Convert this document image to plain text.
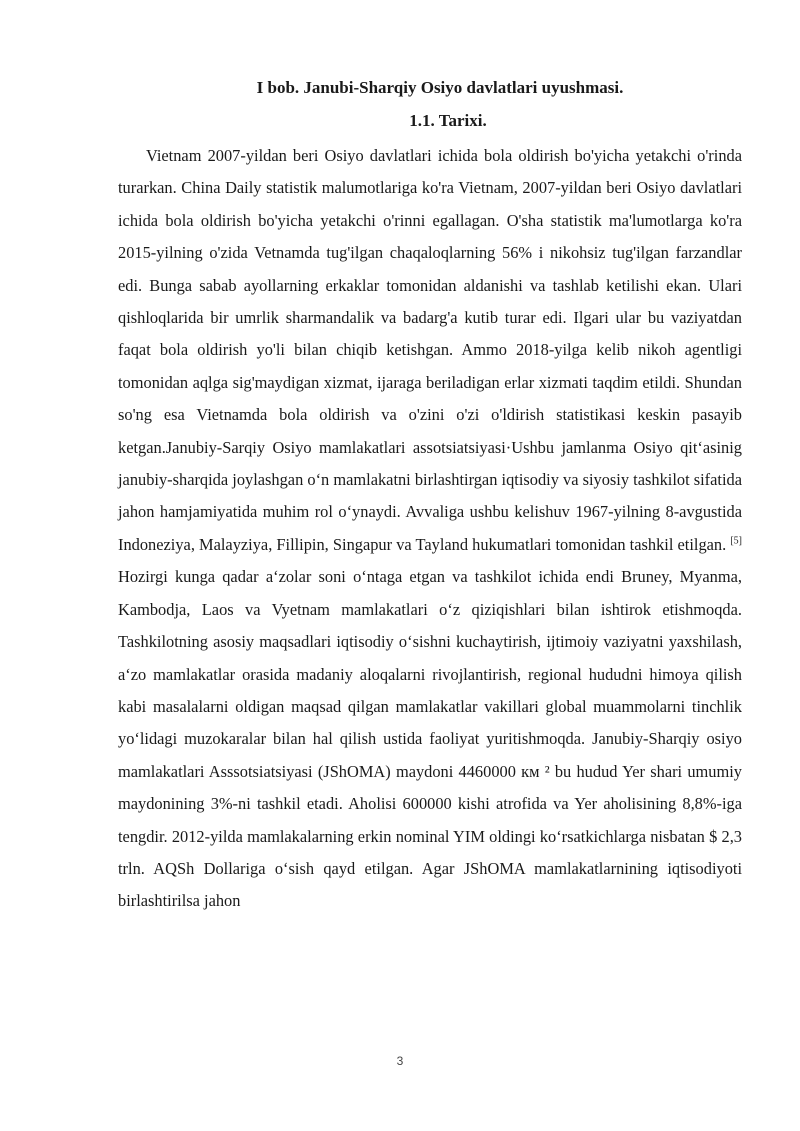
I bob. Janubi-Sharqiy Osiyo davlatlari uyushmasi.
1.1. Tarixi.

Vietnam 2007-yildan beri Osiyo davlatlari ichida bola oldirish bo'yicha yetakchi o'rinda turarkan. China Daily statistik malumotlariga ko'ra Vietnam, 2007-yildan beri Osiyo davlatlari ichida bola oldirish bo'yicha yetakchi o'rinni egallagan. O'sha statistik ma'lumotlarga ko'ra 2015-yilning o'zida Vetnamda tug'ilgan chaqaloqlarning 56% i nikohsiz tug'ilgan farzandlar edi. Bunga sabab ayollarning erkaklar tomonidan aldanishi va tashlab ketilishi ekan. Ulari qishloqlarida bir umrlik sharmandalik va badarg'a kutib turar edi. Ilgari ular bu vaziyatdan faqat bola oldirish yo'li bilan chiqib ketishgan. Ammo 2018-yilga kelib nikoh agentligi tomonidan aqlga sig'maydigan xizmat, ijaraga beriladigan erlar xizmati taqdim etildi. Shundan so'ng esa Vietnamda bola oldirish va o'zini o'zi o'ldirish statistikasi keskin pasayib ketgan.Janubiy-Sarqiy Osiyo mamlakatlari assotsiatsiyasi·Ushbu jamlanma Osiyo qit‘asinig janubiy-sharqida joylashgan o‘n mamlakatni birlashtirgan iqtisodiy va siyosiy tashkilot sifatida jahon hamjamiyatida muhim rol o‘ynaydi. Avvaliga ushbu kelishuv 1967-yilning 8-avgustida Indoneziya, Malayziya, Fillipin, Singapur va Tayland hukumatlari tomonidan tashkil etilgan. [5] Hozirgi kunga qadar a‘zolar soni o‘ntaga etgan va tashkilot ichida endi Bruney, Myanma, Kambodja, Laos va Vyetnam mamlakatlari o‘z qiziqishlari bilan ishtirok etishmoqda. Tashkilotning asosiy maqsadlari iqtisodiy o‘sishni kuchaytirish, ijtimoiy vaziyatni yaxshilash, a‘zo mamlakatlar orasida madaniy aloqalarni rivojlantirish, regional hududni himoya qilish kabi masalalarni oldigan maqsad qilgan mamlakatlar vakillari global muammolarni tinchlik yo‘lidagi muzokaralar bilan hal qilish ustida faoliyat yuritishmoqda. Janubiy-Sharqiy osiyo mamlakatlari Asssotsiatsiyasi (JShOMA) maydoni 4460000 км ² bu hudud Yer shari umumiy maydonining 3%-ni tashkil etadi. Aholisi 600000 kishi atrofida va Yer aholisining 8,8%-iga tengdir. 2012-yilda mamlakalarning erkin nominal YIM oldingi ko‘rsatkichlarga nisbatan $ 2,3 trln. AQSh Dollariga o‘sish qayd etilgan. Agar JShOMA mamlakatlarnining iqtisodiyoti birlashtirilsa jahon

3
